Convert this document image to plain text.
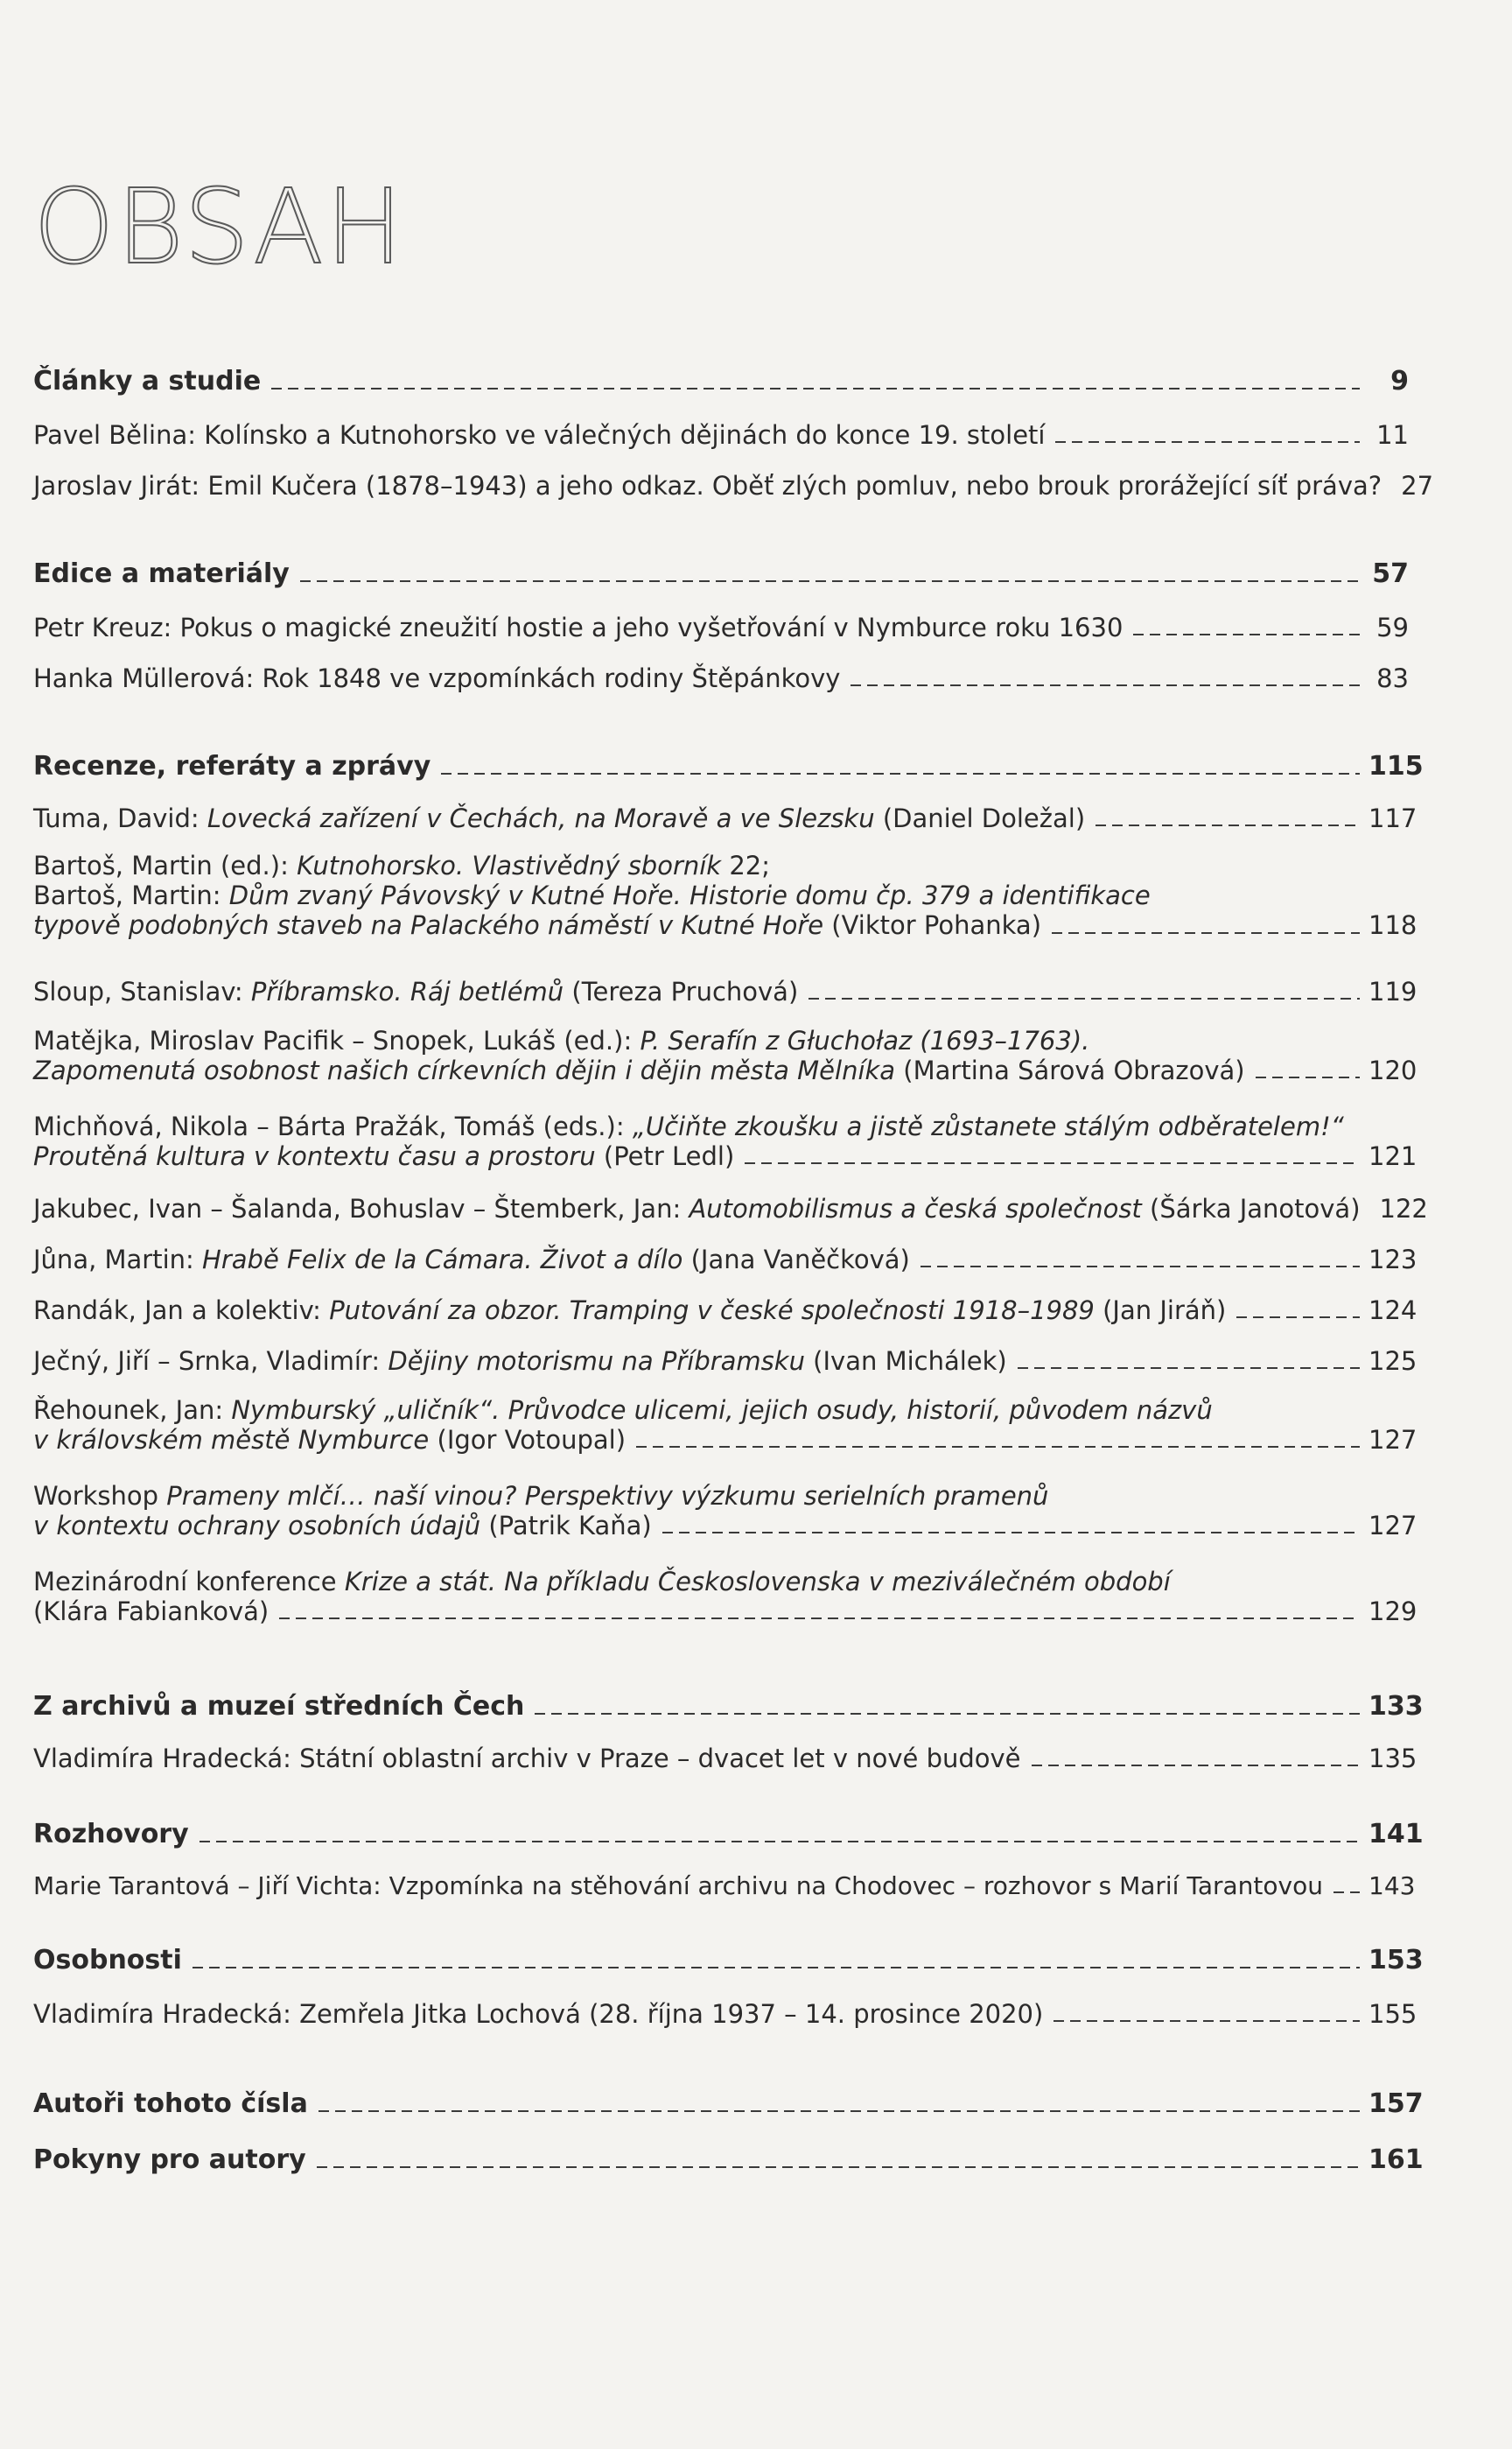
OBSAH
Články a studie	9
Pavel Bělina: Kolínsko a Kutnohorsko ve válečných dějinách do konce 19. století	11
Jaroslav Jirát: Emil Kučera (1878–1943) a jeho odkaz. Oběť zlých pomluv, nebo brouk prorážející síť práva? 27
Edice a materiály	57
Petr Kreuz: Pokus o magické zneužití hostie a jeho vyšetřování v Nymburce roku 1630	59
Hanka Müllerová: Rok 1848 ve vzpomínkách rodiny Štěpánkovy	83
Recenze, referáty a zprávy	115
Tuma, David: Lovecká zařízení v Čechách, na Moravě a ve Slezsku (Daniel Doležal)	117
Bartoš, Martin (ed.): Kutnohorsko. Vlastivědný sborník 22;
Bartoš, Martin: Dům zvaný Pávovský v Kutné Hoře. Historie domu čp. 379 a identifikace
typově podobných staveb na Palackého náměstí v Kutné Hoře (Viktor Pohanka)	118
Sloup, Stanislav: Příbramsko. Ráj betlémů (Tereza Pruchová)	119
Matějka, Miroslav Pacifik – Snopek, Lukáš (ed.): P. Serafín z Głuchołaz (1693–1763).
Zapomenutá osobnost našich církevních dějin i dějin města Mělníka (Martina Sárová Obrazová)	120
Michňová, Nikola – Bárta Pražák, Tomáš (eds.): „Učiňte zkoušku a jistě zůstanete stálým odběratelem!“
Proutěná kultura v kontextu času a prostoru (Petr Ledl)	121
Jakubec, Ivan – Šalanda, Bohuslav – Štemberk, Jan: Automobilismus a česká společnost (Šárka Janotová) 122
Jůna, Martin: Hrabě Felix de la Cámara. Život a dílo (Jana Vaněčková)	123
Randák, Jan a kolektiv: Putování za obzor. Tramping v české společnosti 1918–1989 (Jan Jiráň)	124
Ječný, Jiří – Srnka, Vladimír: Dějiny motorismu na Příbramsku (Ivan Michálek)	125
Řehounek, Jan: Nymburský „uličník“. Průvodce ulicemi, jejich osudy, historií, původem názvů
v královském městě Nymburce (Igor Votoupal)	127
Workshop Prameny mlčí… naší vinou? Perspektivy výzkumu serielních pramenů
v kontextu ochrany osobních údajů (Patrik Kaňa)	127
Mezinárodní konference Krize a stát. Na příkladu Československa v meziválečném období
(Klára Fabianková)	129
Z archivů a muzeí středních Čech	133
Vladimíra Hradecká: Státní oblastní archiv v Praze – dvacet let v nové budově	135
Rozhovory	141
Marie Tarantová – Jiří Vichta: Vzpomínka na stěhování archivu na Chodovec – rozhovor s Marií Tarantovou 143
Osobnosti	153
Vladimíra Hradecká: Zemřela Jitka Lochová (28. října 1937 – 14. prosince 2020)	155
Autoři tohoto čísla	157
Pokyny pro autory	161
